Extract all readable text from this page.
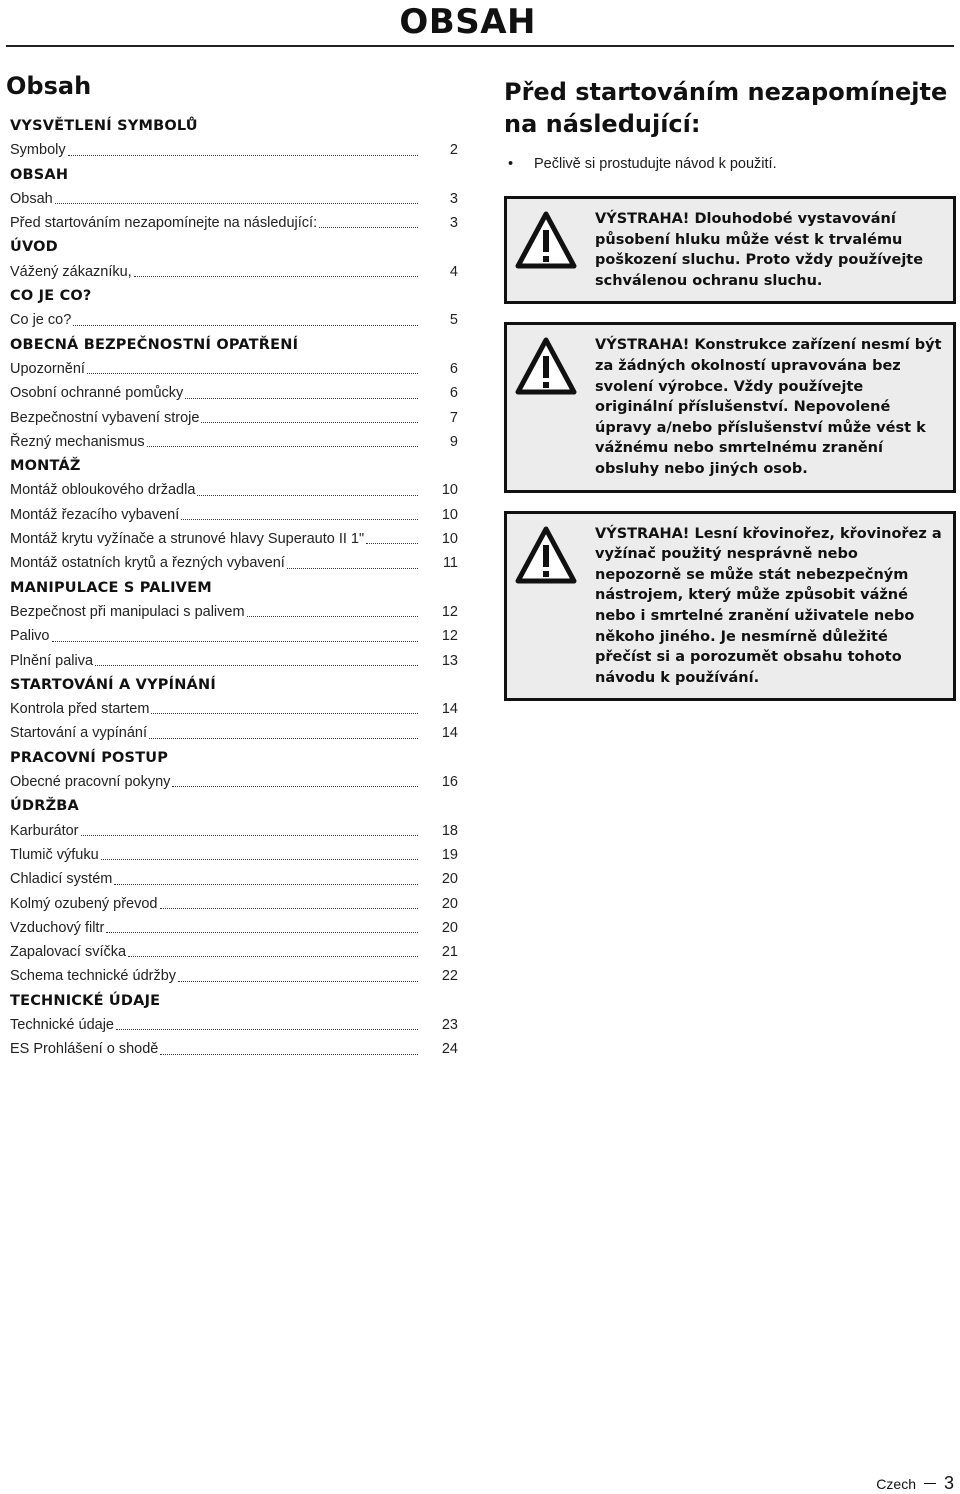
OBSAH
Obsah
VYSVĚTLENÍ SYMBOLŮ
Symboly	2
OBSAH
Obsah	3
Před startováním nezapomínejte na následující:	3
ÚVOD
Vážený zákazníku,	4
CO JE CO?
Co je co?	5
OBECNÁ BEZPEČNOSTNÍ OPATŘENÍ
Upozornění	6
Osobní ochranné pomůcky	6
Bezpečnostní vybavení stroje	7
Řezný mechanismus	9
MONTÁŽ
Montáž obloukového držadla	10
Montáž řezacího vybavení	10
Montáž krytu vyžínače a strunové hlavy Superauto II 1"	10
Montáž ostatních krytů a řezných vybavení	11
MANIPULACE S PALIVEM
Bezpečnost při manipulaci s palivem	12
Palivo	12
Plnění paliva	13
STARTOVÁNÍ A VYPÍNÁNÍ
Kontrola před startem	14
Startování a vypínání	14
PRACOVNÍ POSTUP
Obecné pracovní pokyny	16
ÚDRŽBA
Karburátor	18
Tlumič výfuku	19
Chladicí systém	20
Kolmý ozubený převod	20
Vzduchový filtr	20
Zapalovací svíčka	21
Schema technické údržby	22
TECHNICKÉ ÚDAJE
Technické údaje	23
ES Prohlášení o shodě	24
Před startováním nezapomínejte na následující:
•	Pečlivě si prostudujte návod k použití.
VÝSTRAHA! Dlouhodobé vystavování působení hluku může vést k trvalému poškození sluchu. Proto vždy používejte schválenou ochranu sluchu.
VÝSTRAHA! Konstrukce zařízení nesmí být za žádných okolností upravována bez svolení výrobce. Vždy používejte originální příslušenství. Nepovolené úpravy a/nebo příslušenství může vést k vážnému nebo smrtelnému zranění obsluhy nebo jiných osob.
VÝSTRAHA! Lesní křovinořez, křovinořez a vyžínač použitý nesprávně nebo nepozorně se může stát nebezpečným nástrojem, který může způsobit vážné nebo i smrtelné zranění uživatele nebo někoho jiného. Je nesmírně důležité přečíst si a porozumět obsahu tohoto návodu k používání.
Czech 3
